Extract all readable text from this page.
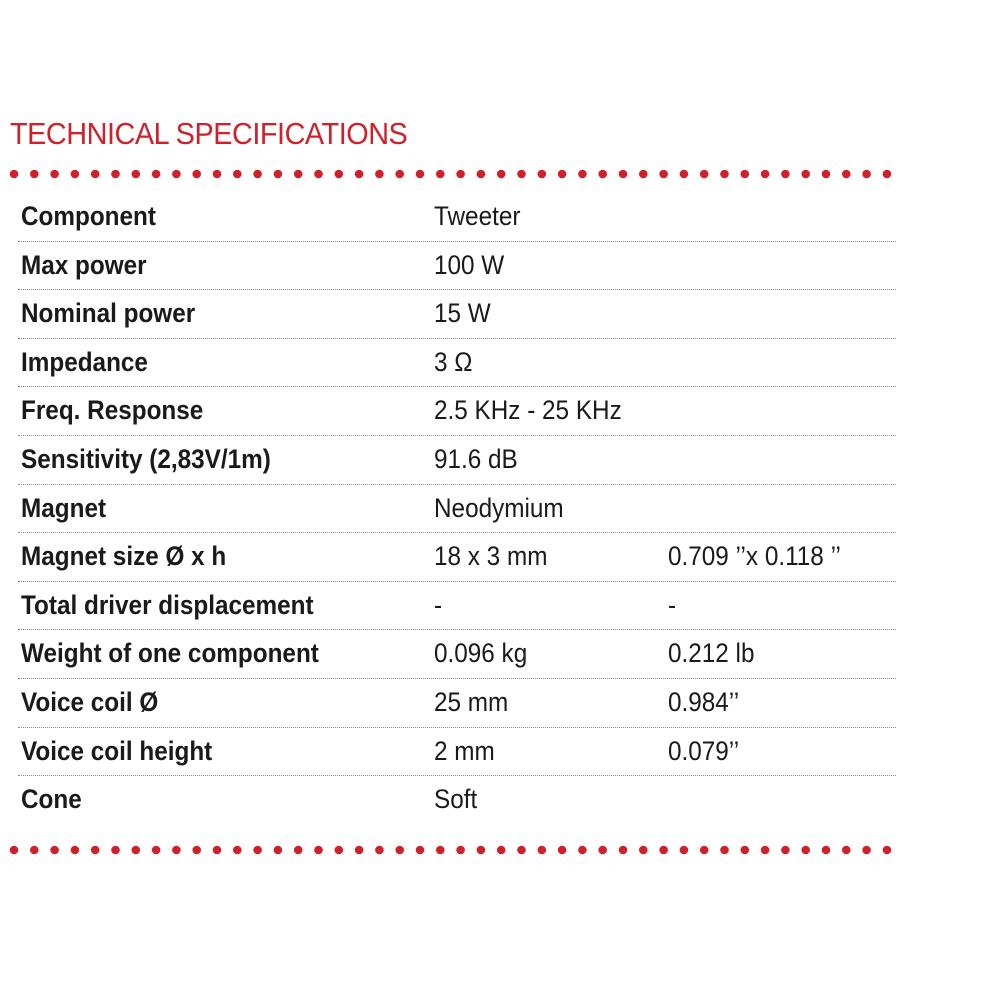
TECHNICAL SPECIFICATIONS
Component	Tweeter
Max power	100 W
Nominal power	15 W
Impedance	3 Ω
Freq. Response	2.5 KHz - 25 KHz
Sensitivity (2,83V/1m)	91.6 dB
Magnet	Neodymium
Magnet size Ø x h	18 x 3 mm	0.709 ’’x 0.118 ’’
Total driver displacement	-	-
Weight of one component	0.096 kg	0.212 lb
Voice coil Ø	25 mm	0.984’’
Voice coil height	2 mm	0.079’’
Cone	Soft
